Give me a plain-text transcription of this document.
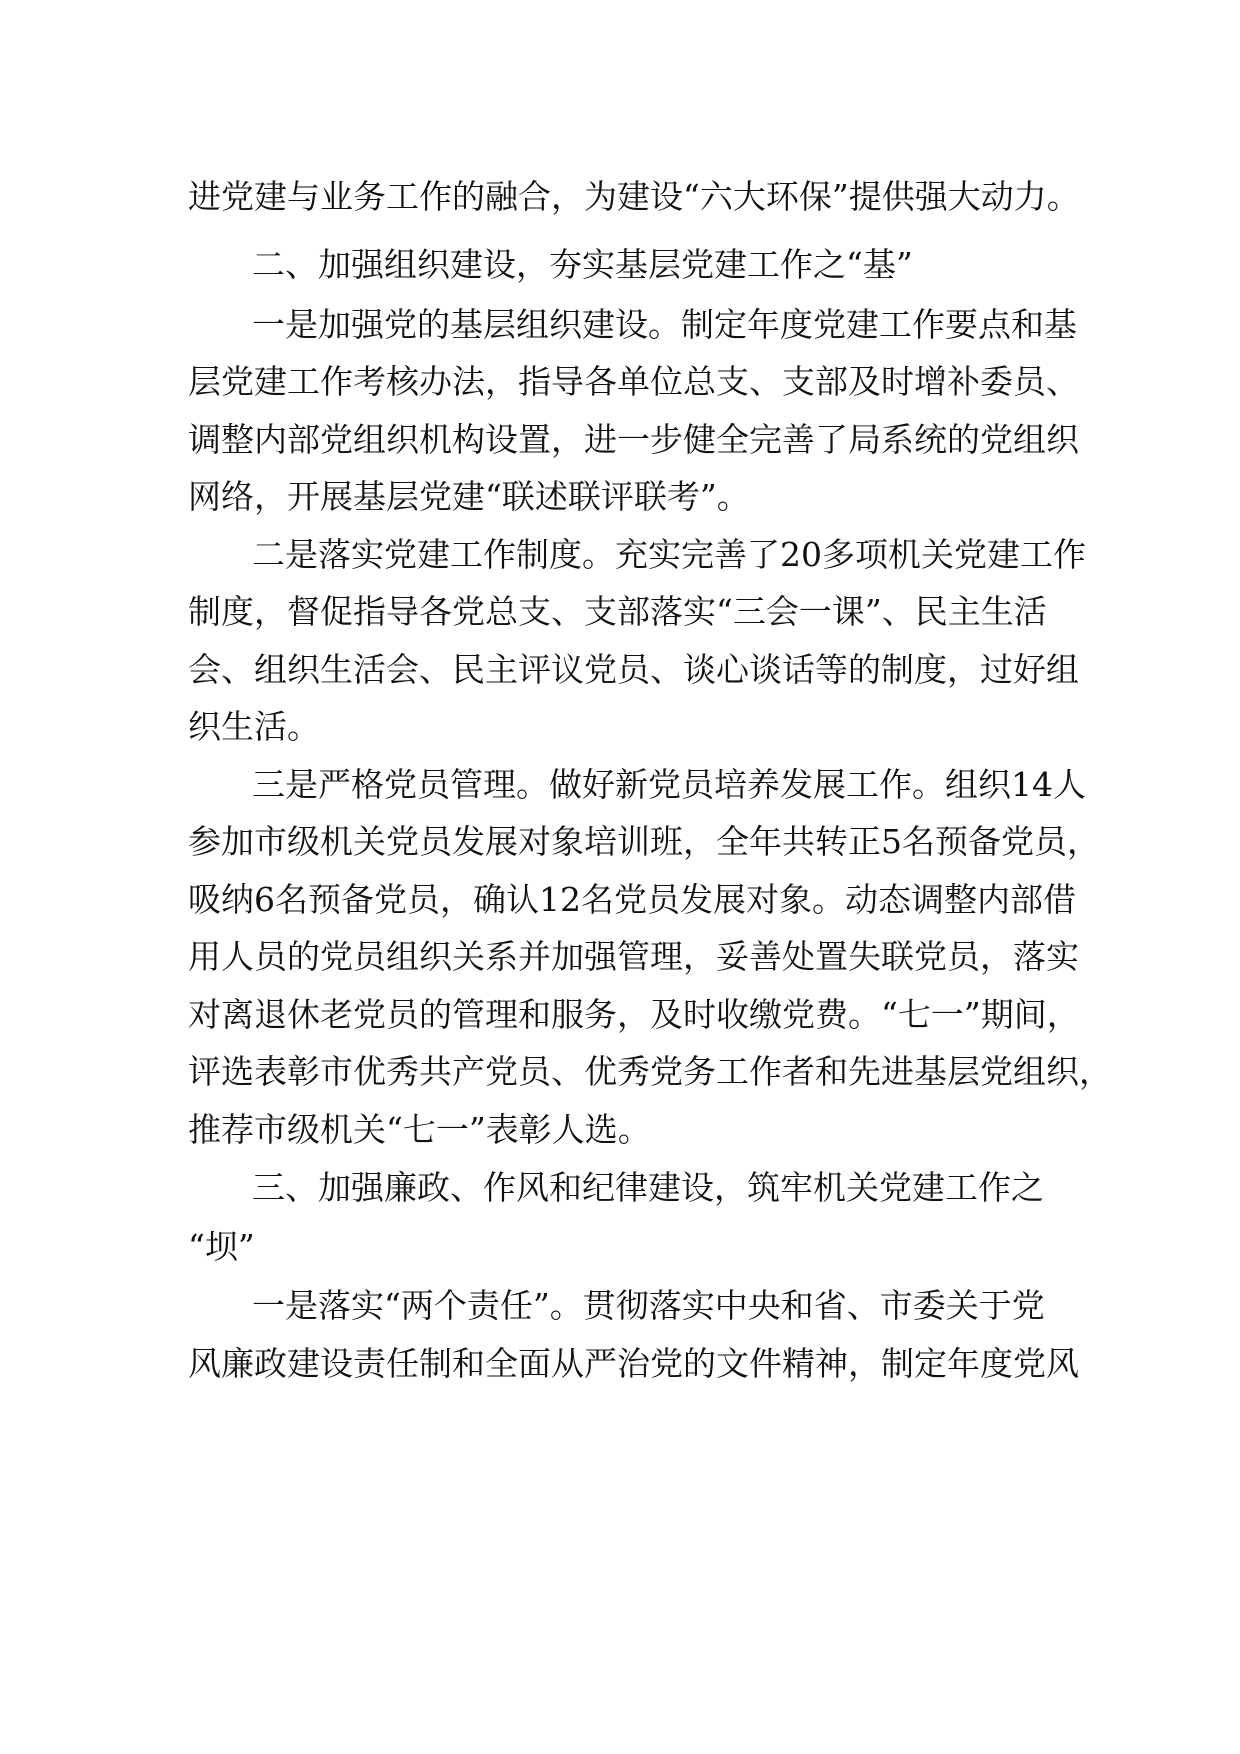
进党建与业务工作的融合，为建设“六大环保”提供强大动力。
二、加强组织建设，夯实基层党建工作之“基”
一是加强党的基层组织建设。制定年度党建工作要点和基
层党建工作考核办法，指导各单位总支、支部及时增补委员、
调整内部党组织机构设置，进一步健全完善了局系统的党组织
网络，开展基层党建“联述联评联考”。
二是落实党建工作制度。充实完善了20多项机关党建工作
制度，督促指导各党总支、支部落实“三会一课”、民主生活
会、组织生活会、民主评议党员、谈心谈话等的制度，过好组
织生活。
三是严格党员管理。做好新党员培养发展工作。组织14人
参加市级机关党员发展对象培训班，全年共转正5名预备党员，
吸纳6名预备党员，确认12名党员发展对象。动态调整内部借
用人员的党员组织关系并加强管理，妥善处置失联党员，落实
对离退休老党员的管理和服务，及时收缴党费。“七一”期间，
评选表彰市优秀共产党员、优秀党务工作者和先进基层党组织，
推荐市级机关“七一”表彰人选。
三、加强廉政、作风和纪律建设，筑牢机关党建工作之
“坝”
一是落实“两个责任”。贯彻落实中央和省、市委关于党
风廉政建设责任制和全面从严治党的文件精神，制定年度党风
